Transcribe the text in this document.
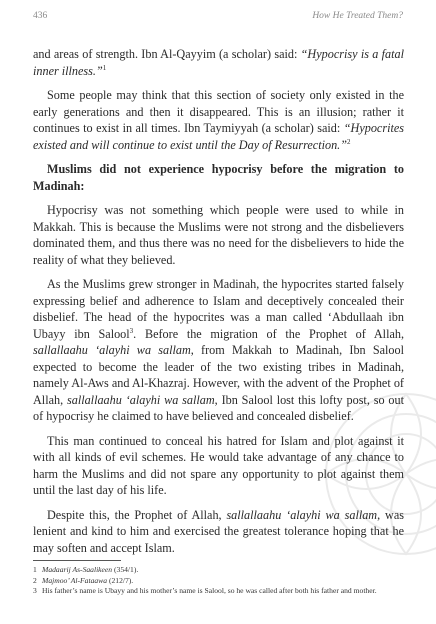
436	How He Treated Them?

and areas of strength. Ibn Al-Qayyim (a scholar) said: “Hypocrisy is a fatal inner illness.”$^1$

Some people may think that this section of society only existed in the early generations and then it disappeared. This is an illusion; rather it continues to exist in all times. Ibn Taymiyyah (a scholar) said: “Hypocrites existed and will continue to exist until the Day of Resurrection.”$^2$

Muslims did not experience hypocrisy before the migration to Madinah:

Hypocrisy was not something which people were used to while in Makkah. This is because the Muslims were not strong and the disbelievers dominated them, and thus there was no need for the disbelievers to hide the reality of what they believed.

As the Muslims grew stronger in Madinah, the hypocrites started falsely expressing belief and adherence to Islam and deceptively concealed their disbelief. The head of the hypocrites was a man called ‘Abdullaah ibn Ubayy ibn Salool$^3$. Before the migration of the Prophet of Allah, sallallaahu ‘alayhi wa sallam, from Makkah to Madinah, Ibn Salool expected to become the leader of the two existing tribes in Madinah, namely Al-Aws and Al-Khazraj. However, with the advent of the Prophet of Allah, sallallaahu ‘alayhi wa sallam, Ibn Salool lost this lofty post, so out of hypocrisy he claimed to have believed and concealed disbelief.

This man continued to conceal his hatred for Islam and plot against it with all kinds of evil schemes. He would take advantage of any chance to harm the Muslims and did not spare any opportunity to plot against them until the last day of his life.

Despite this, the Prophet of Allah, sallallaahu ‘alayhi wa sallam, was lenient and kind to him and exercised the greatest tolerance hoping that he may soften and accept Islam.

1 Madaarij As-Saalikeen (354/1).
2 Majmoo’ Al-Fataawa (212/7).
3 His father’s name is Ubayy and his mother’s name is Salool, so he was called after both his father and mother.
